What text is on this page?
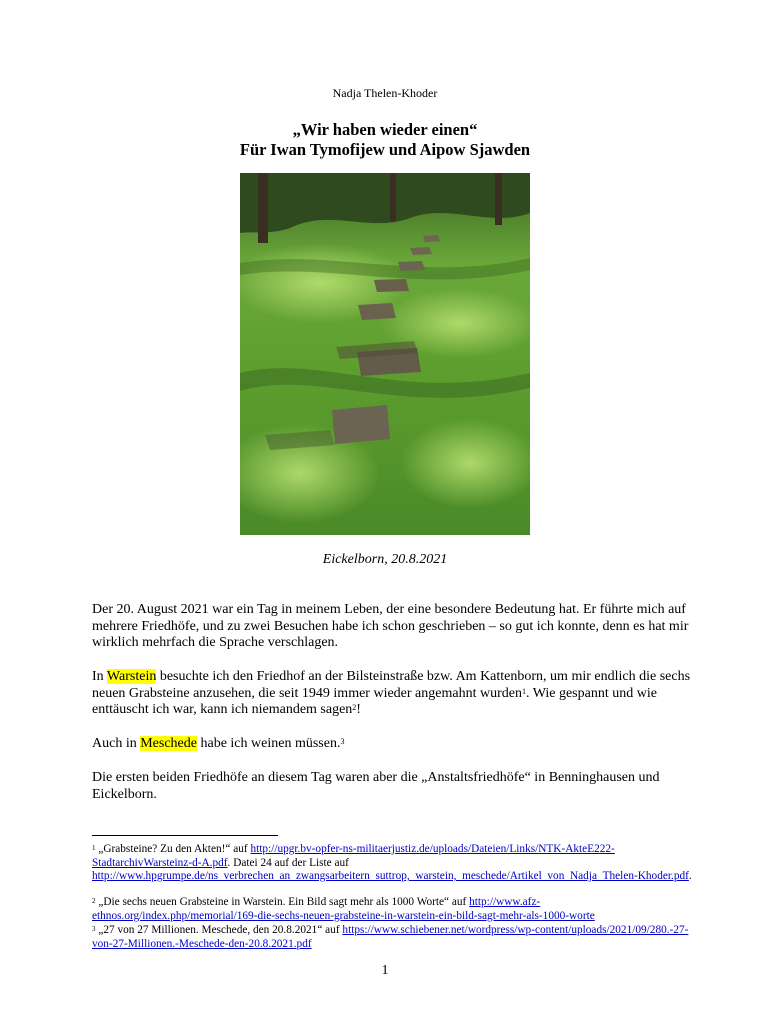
Nadja Thelen-Khoder
„Wir haben wieder einen“
Für Iwan Tymofijew und Aipow Sjawden
Eickelborn, 20.8.2021
Der 20. August 2021 war ein Tag in meinem Leben, der eine besondere Bedeutung hat. Er führte mich auf mehrere Friedhöfe, und zu zwei Besuchen habe ich schon geschrieben – so gut ich konnte, denn es hat mir wirklich mehrfach die Sprache verschlagen.
In Warstein besuchte ich den Friedhof an der Bilsteinstraße bzw. Am Kattenborn, um mir endlich die sechs neuen Grabsteine anzusehen, die seit 1949 immer wieder angemahnt wurden$^1$. Wie gespannt und wie enttäuscht ich war, kann ich niemandem sagen$^2$!
Auch in Meschede habe ich weinen müssen.$^3$
Die ersten beiden Friedhöfe an diesem Tag waren aber die „Anstaltsfriedhöfe“ in Benninghausen und Eickelborn.
$^1$ „Grabsteine? Zu den Akten!“ auf http://upgr.bv-opfer-ns-militaerjustiz.de/uploads/Dateien/Links/NTK-AkteE222-StadtarchivWarsteinz-d-A.pdf. Datei 24 auf der Liste auf http://www.hpgrumpe.de/ns_verbrechen_an_zwangsarbeitern_suttrop,_warstein,_meschede/Artikel_von_Nadja_Thelen-Khoder.pdf.
$^2$ „Die sechs neuen Grabsteine in Warstein. Ein Bild sagt mehr als 1000 Worte“ auf http://www.afz-ethnos.org/index.php/memorial/169-die-sechs-neuen-grabsteine-in-warstein-ein-bild-sagt-mehr-als-1000-worte
$^3$ „27 von 27 Millionen. Meschede, den 20.8.2021“ auf https://www.schiebener.net/wordpress/wp-content/uploads/2021/09/280.-27-von-27-Millionen.-Meschede-den-20.8.2021.pdf
1
